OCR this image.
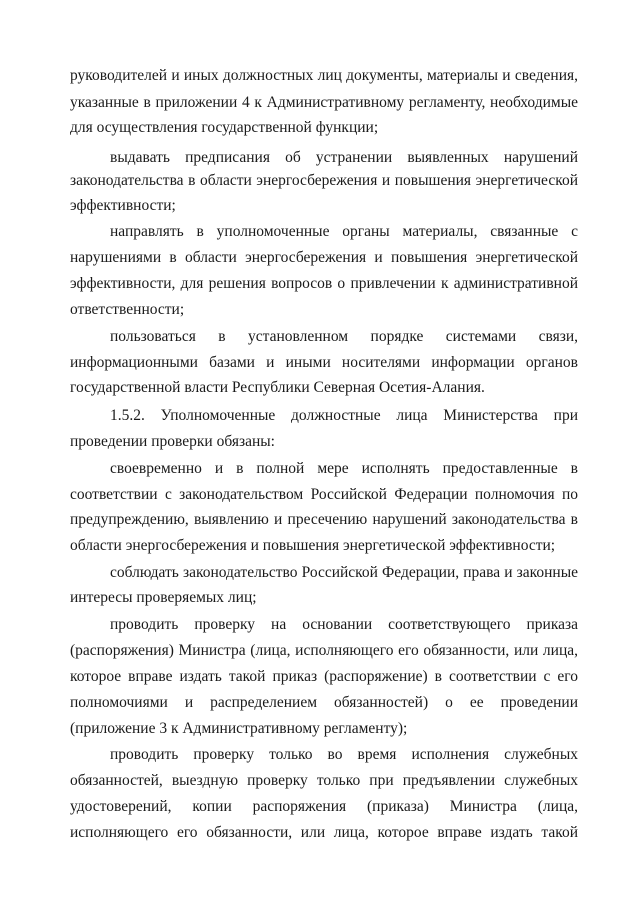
руководителей и иных должностных лиц документы, материалы и сведения,
указанные в приложении 4 к Административному регламенту, необходимые
для осуществления государственной функции;
выдавать предписания об устранении выявленных нарушений
законодательства в области энергосбережения и повышения энергетической
эффективности;
направлять в уполномоченные органы материалы, связанные с
нарушениями в области энергосбережения и повышения энергетической
эффективности, для решения вопросов о привлечении к административной
ответственности;
пользоваться в установленном порядке системами связи,
информационными базами и иными носителями информации органов
государственной власти Республики Северная Осетия-Алания.
1.5.2. Уполномоченные должностные лица Министерства при
проведении проверки обязаны:
своевременно и в полной мере исполнять предоставленные в
соответствии с законодательством Российской Федерации полномочия по
предупреждению, выявлению и пресечению нарушений законодательства в
области энергосбережения и повышения энергетической эффективности;
соблюдать законодательство Российской Федерации, права и законные
интересы проверяемых лиц;
проводить проверку на основании соответствующего приказа
(распоряжения) Министра (лица, исполняющего его обязанности, или лица,
которое вправе издать такой приказ (распоряжение) в соответствии с его
полномочиями и распределением обязанностей) о ее проведении
(приложение 3 к Административному регламенту);
проводить проверку только во время исполнения служебных
обязанностей, выездную проверку только при предъявлении служебных
удостоверений, копии распоряжения (приказа) Министра (лица,
исполняющего его обязанности, или лица, которое вправе издать такой
